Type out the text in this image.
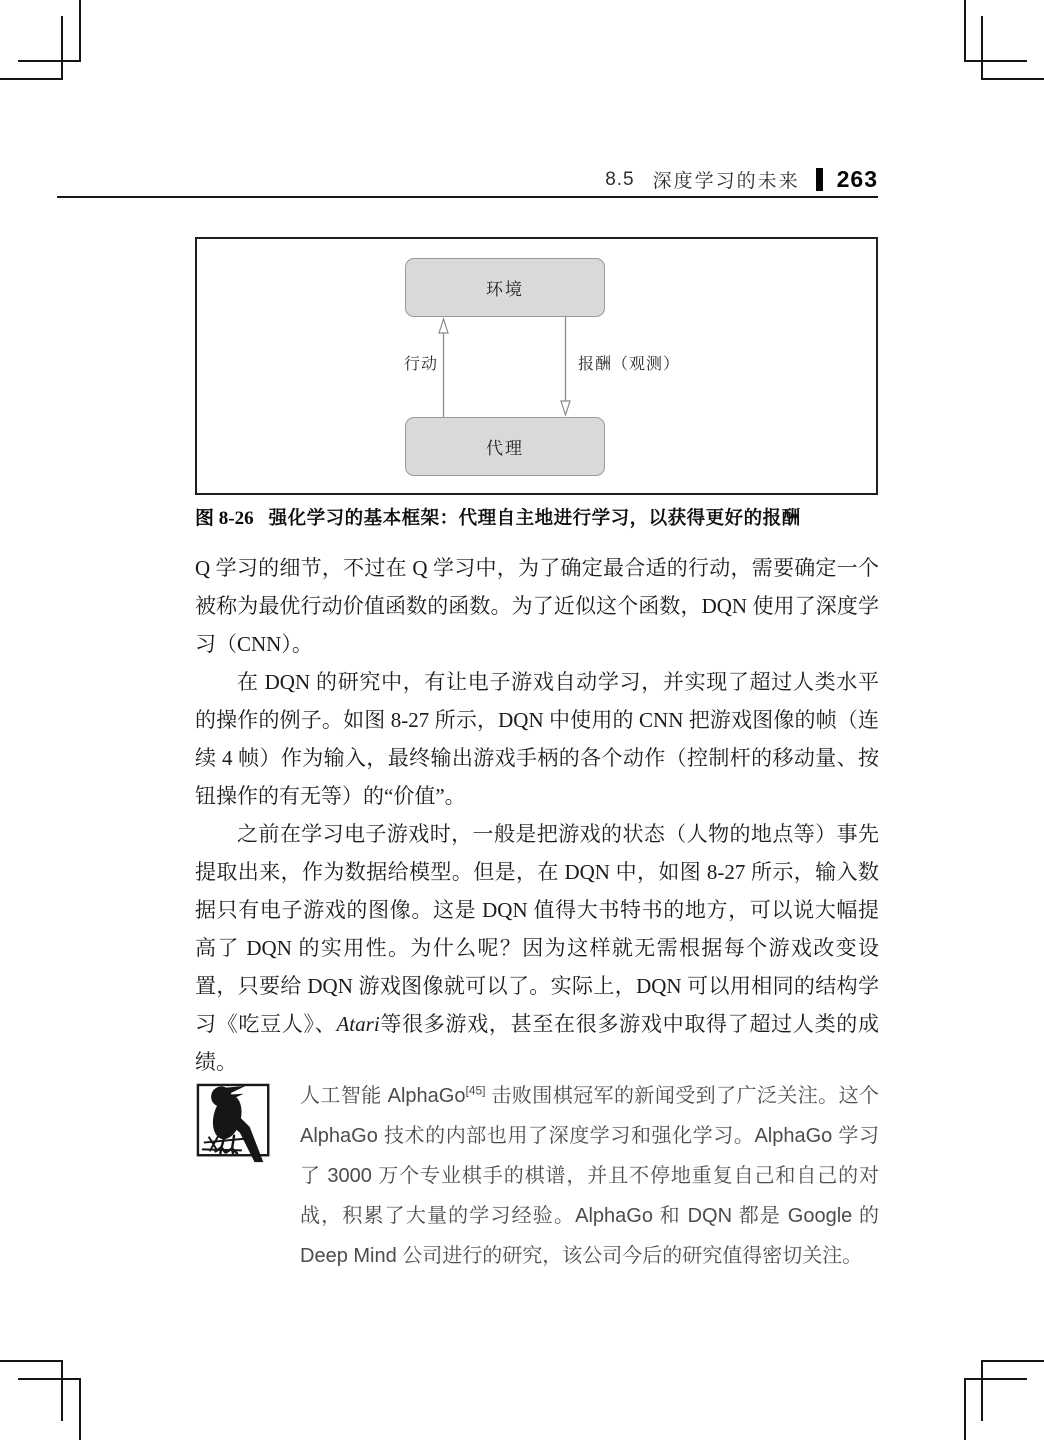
8.5 深度学习的未来 263
环境
代理
行动	报酬（观测）
图 8-26 强化学习的基本框架：代理自主地进行学习，以获得更好的报酬

Q 学习的细节，不过在 Q 学习中，为了确定最合适的行动，需要确定一个被称为最优行动价值函数的函数。为了近似这个函数，DQN 使用了深度学习（CNN）。

在 DQN 的研究中，有让电子游戏自动学习，并实现了超过人类水平的操作的例子。如图 8-27 所示，DQN 中使用的 CNN 把游戏图像的帧（连续 4 帧）作为输入，最终输出游戏手柄的各个动作（控制杆的移动量、按钮操作的有无等）的“价值”。

之前在学习电子游戏时，一般是把游戏的状态（人物的地点等）事先提取出来，作为数据给模型。但是，在 DQN 中，如图 8-27 所示，输入数据只有电子游戏的图像。这是 DQN 值得大书特书的地方，可以说大幅提高了 DQN 的实用性。为什么呢？因为这样就无需根据每个游戏改变设置，只要给 DQN 游戏图像就可以了。实际上，DQN 可以用相同的结构学习《吃豆人》、Atari等很多游戏，甚至在很多游戏中取得了超过人类的成绩。

人工智能 AlphaGo[45] 击败围棋冠军的新闻受到了广泛关注。这个 AlphaGo 技术的内部也用了深度学习和强化学习。AlphaGo 学习了 3000 万个专业棋手的棋谱，并且不停地重复自己和自己的对战，积累了大量的学习经验。AlphaGo 和 DQN 都是 Google 的 Deep Mind 公司进行的研究，该公司今后的研究值得密切关注。
